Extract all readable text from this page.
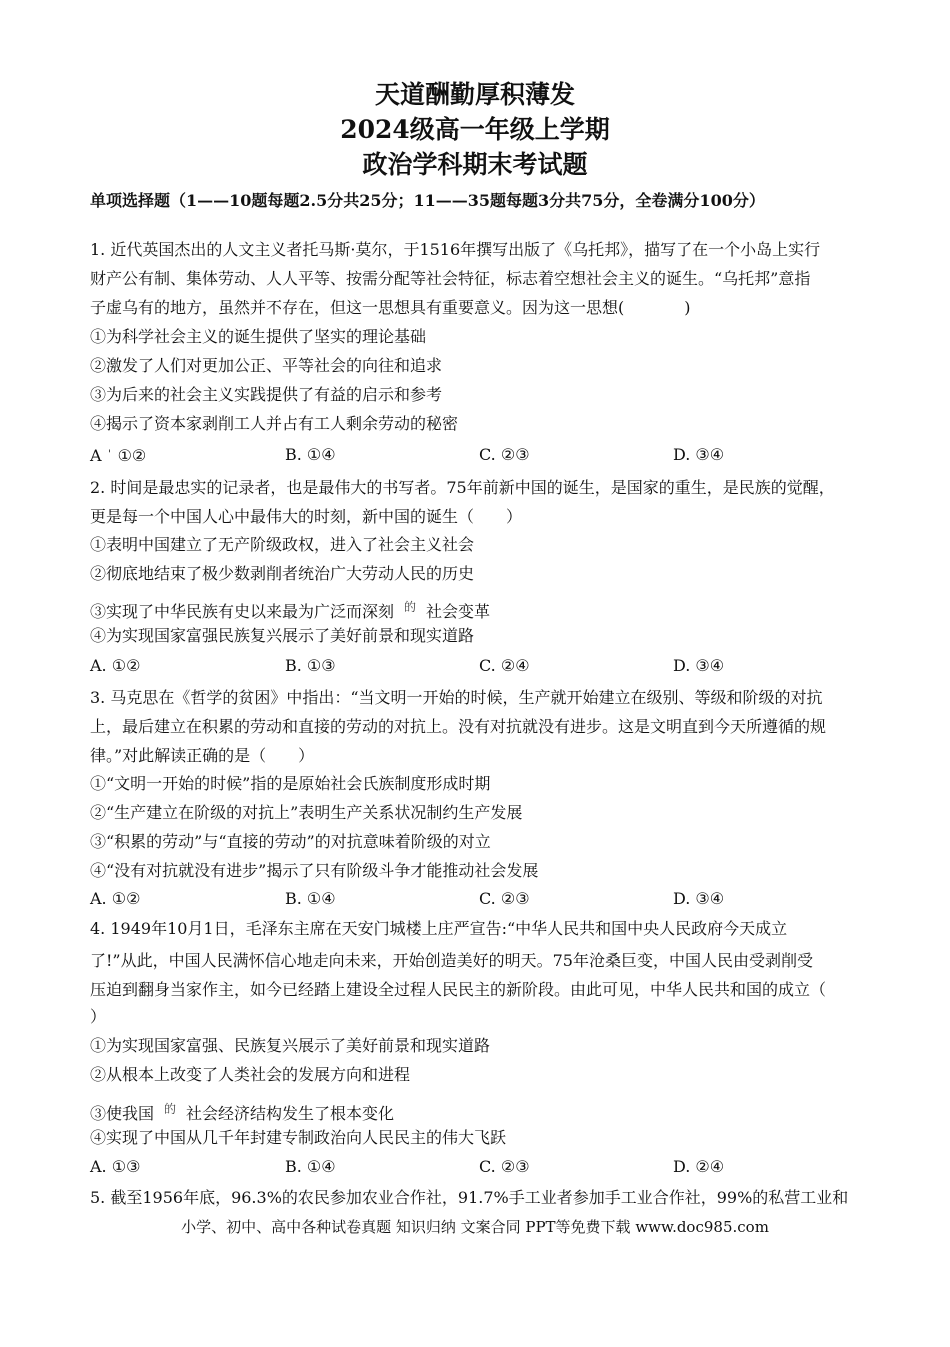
天道酬勤厚积薄发
2024级高一年级上学期
政治学科期末考试题
单项选择题（1——10题每题2.5分共25分；11——35题每题3分共75分，全卷满分100分）
1. 近代英国杰出的人文主义者托马斯·莫尔，于1516年撰写出版了《乌托邦》，描写了在一个小岛上实行
财产公有制、集体劳动、人人平等、按需分配等社会特征，标志着空想社会主义的诞生。“乌托邦”意指
子虚乌有的地方，虽然并不存在，但这一思想具有重要意义。因为这一思想(	)
①为科学社会主义的诞生提供了坚实的理论基础
②激发了人们对更加公正、平等社会的向往和追求
③为后来的社会主义实践提供了有益的启示和参考
④揭示了资本家剥削工人并占有工人剩余劳动的秘密
A ' ①②	B. ①④	C. ②③	D. ③④
2. 时间是最忠实的记录者，也是最伟大的书写者。75年前新中国的诞生，是国家的重生，是民族的觉醒，
更是每一个中国人心中最伟大的时刻，新中国的诞生（　　）
①表明中国建立了无产阶级政权，进入了社会主义社会
②彻底地结束了极少数剥削者统治广大劳动人民的历史
③实现了中华民族有史以来最为广泛而深刻 $^的$ 社会变革
④为实现国家富强民族复兴展示了美好前景和现实道路
A. ①②	B. ①③	C. ②④	D. ③④
3. 马克思在《哲学的贫困》中指出：“当文明一开始的时候，生产就开始建立在级别、等级和阶级的对抗
上，最后建立在积累的劳动和直接的劳动的对抗上。没有对抗就没有进步。这是文明直到今天所遵循的规
律。”对此解读正确的是（　　）
①“文明一开始的时候”指的是原始社会氏族制度形成时期
②“生产建立在阶级的对抗上”表明生产关系状况制约生产发展
③“积累的劳动”与“直接的劳动”的对抗意味着阶级的对立
④“没有对抗就没有进步”揭示了只有阶级斗争才能推动社会发展
A. ①②	B. ①④	C. ②③	D. ③④
4. 1949年10月1日，毛泽东主席在天安门城楼上庄严宣告:“中华人民共和国中央人民政府今天成立
了!”从此，中国人民满怀信心地走向未来，开始创造美好的明天。75年沧桑巨变，中国人民由受剥削受
压迫到翻身当家作主，如今已经踏上建设全过程人民民主的新阶段。由此可见，中华人民共和国的成立（
）
①为实现国家富强、民族复兴展示了美好前景和现实道路
②从根本上改变了人类社会的发展方向和进程
③使我国 $^的$ 社会经济结构发生了根本变化
④实现了中国从几千年封建专制政治向人民民主的伟大飞跃
A. ①③	B. ①④	C. ②③	D. ②④
5. 截至1956年底，96.3%的农民参加农业合作社，91.7%手工业者参加手工业合作社，99%的私营工业和
小学、初中、高中各种试卷真题 知识归纳 文案合同 PPT等免费下载 www.doc985.com
